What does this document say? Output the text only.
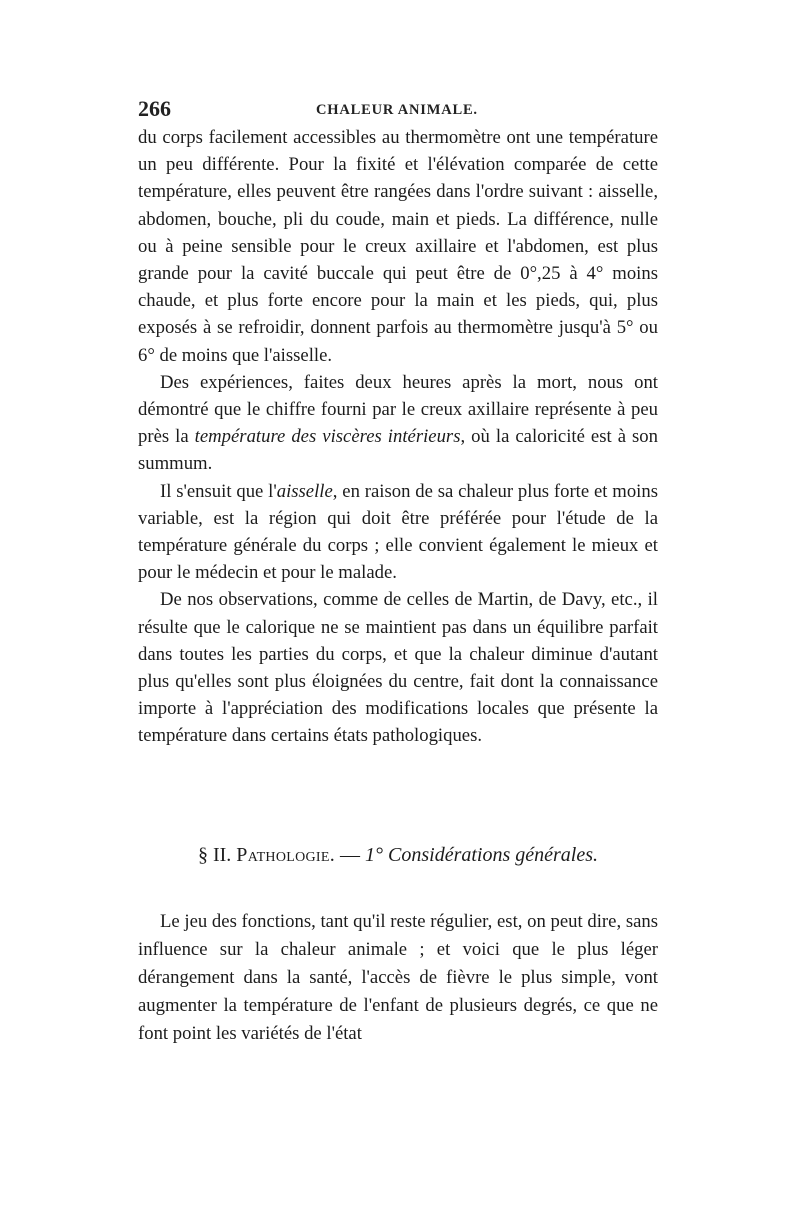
266	CHALEUR ANIMALE.

du corps facilement accessibles au thermomètre ont une température un peu différente. Pour la fixité et l'élévation comparée de cette température, elles peuvent être rangées dans l'ordre suivant : aisselle, abdomen, bouche, pli du coude, main et pieds. La différence, nulle ou à peine sensible pour le creux axillaire et l'abdomen, est plus grande pour la cavité buccale qui peut être de 0°,25 à 4° moins chaude, et plus forte encore pour la main et les pieds, qui, plus exposés à se refroidir, donnent parfois au thermomètre jusqu'à 5° ou 6° de moins que l'aisselle.

Des expériences, faites deux heures après la mort, nous ont démontré que le chiffre fourni par le creux axillaire représente à peu près la température des viscères intérieurs, où la caloricité est à son summum.

Il s'ensuit que l'aisselle, en raison de sa chaleur plus forte et moins variable, est la région qui doit être préférée pour l'étude de la température générale du corps ; elle convient également le mieux et pour le médecin et pour le malade.

De nos observations, comme de celles de Martin, de Davy, etc., il résulte que le calorique ne se maintient pas dans un équilibre parfait dans toutes les parties du corps, et que la chaleur diminue d'autant plus qu'elles sont plus éloignées du centre, fait dont la connaissance importe à l'appréciation des modifications locales que présente la température dans certains états pathologiques.

§ II. Pathologie. — 1° Considérations générales.

Le jeu des fonctions, tant qu'il reste régulier, est, on peut dire, sans influence sur la chaleur animale ; et voici que le plus léger dérangement dans la santé, l'accès de fièvre le plus simple, vont augmenter la température de l'enfant de plusieurs degrés, ce que ne font point les variétés de l'état
